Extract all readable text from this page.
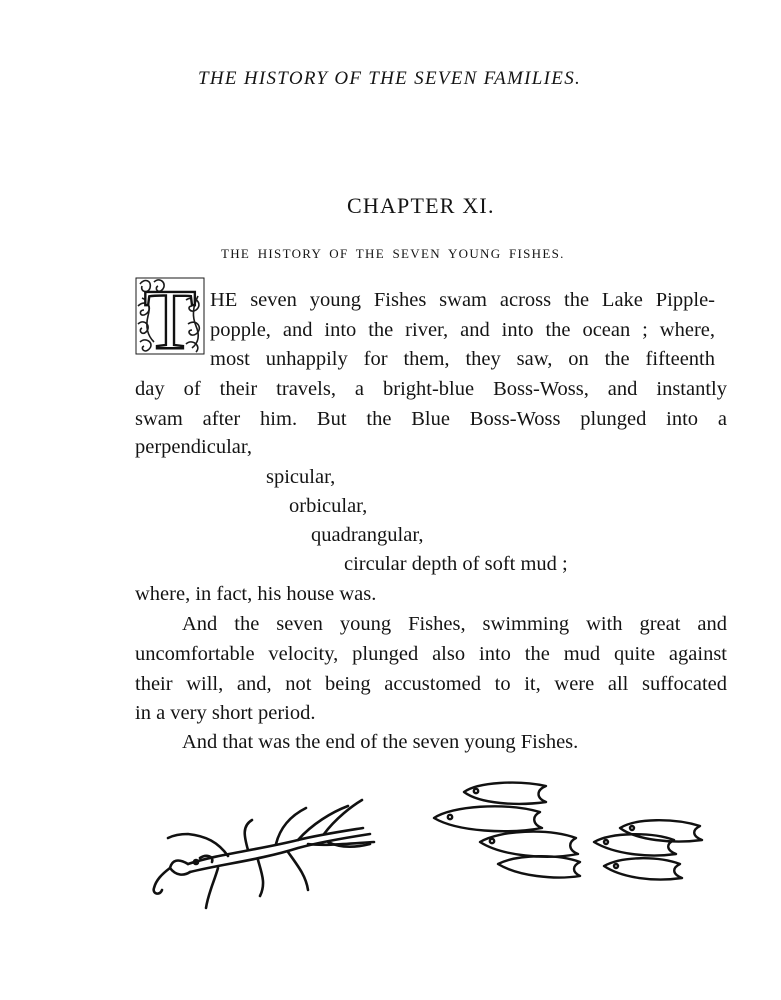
THE HISTORY OF THE SEVEN FAMILIES.
CHAPTER XI.
THE HISTORY OF THE SEVEN YOUNG FISHES.
T HE seven young Fishes swam across the Lake Pipple-
popple, and into the river, and into the ocean ; where,
most unhappily for them, they saw, on the fifteenth
day of their travels, a bright-blue Boss-Woss, and instantly
swam after him. But the Blue Boss-Woss plunged into a
perpendicular,
spicular,
orbicular,
quadrangular,
circular depth of soft mud ;
where, in fact, his house was.
And the seven young Fishes, swimming with great and
uncomfortable velocity, plunged also into the mud quite against
their will, and, not being accustomed to it, were all suffocated
in a very short period.
And that was the end of the seven young Fishes.
